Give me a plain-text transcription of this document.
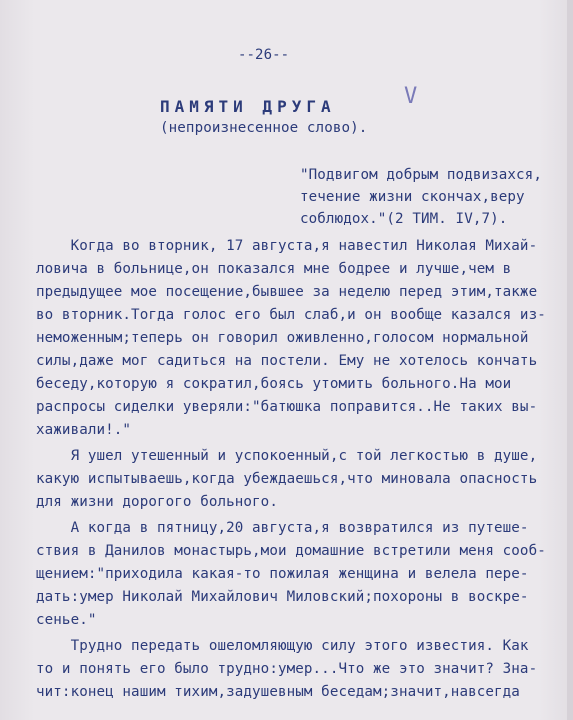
--26--
ПАМЯТИ ДРУГА
(непроизнесенное слово).
V
"Подвигом добрым подвизахся,
течение жизни скончах,веру
соблюдох."(2 ТИМ. IV,7).
Когда во вторник, 17 августа,я навестил Николая Михай-
ловича в больнице,он показался мне бодрее и лучше,чем в
предыдущее мое посещение,бывшее за неделю перед этим,также
во вторник.Тогда голос его был слаб,и он вообще казался из-
неможенным;теперь он говорил оживленно,голосом нормальной
силы,даже мог садиться на постели. Ему не хотелось кончать
беседу,которую я сократил,боясь утомить больного.На мои
распросы сиделки уверяли:"батюшка поправится..Не таких вы-
хаживали!."
Я ушел утешенный и успокоенный,с той легкостью в душе,
какую испытываешь,когда убеждаешься,что миновала опасность
для жизни дорогого больного.
А когда в пятницу,20 августа,я возвратился из путеше-
ствия в Данилов монастырь,мои домашние встретили меня сооб-
щением:"приходила какая-то пожилая женщина и велела пере-
дать:умер Николай Михайлович Миловский;похороны в воскре-
сенье."
Трудно передать ошеломляющую силу этого известия. Как
то и понять его было трудно:умер...Что же это значит? Зна-
чит:конец нашим тихим,задушевным беседам;значит,навсегда
